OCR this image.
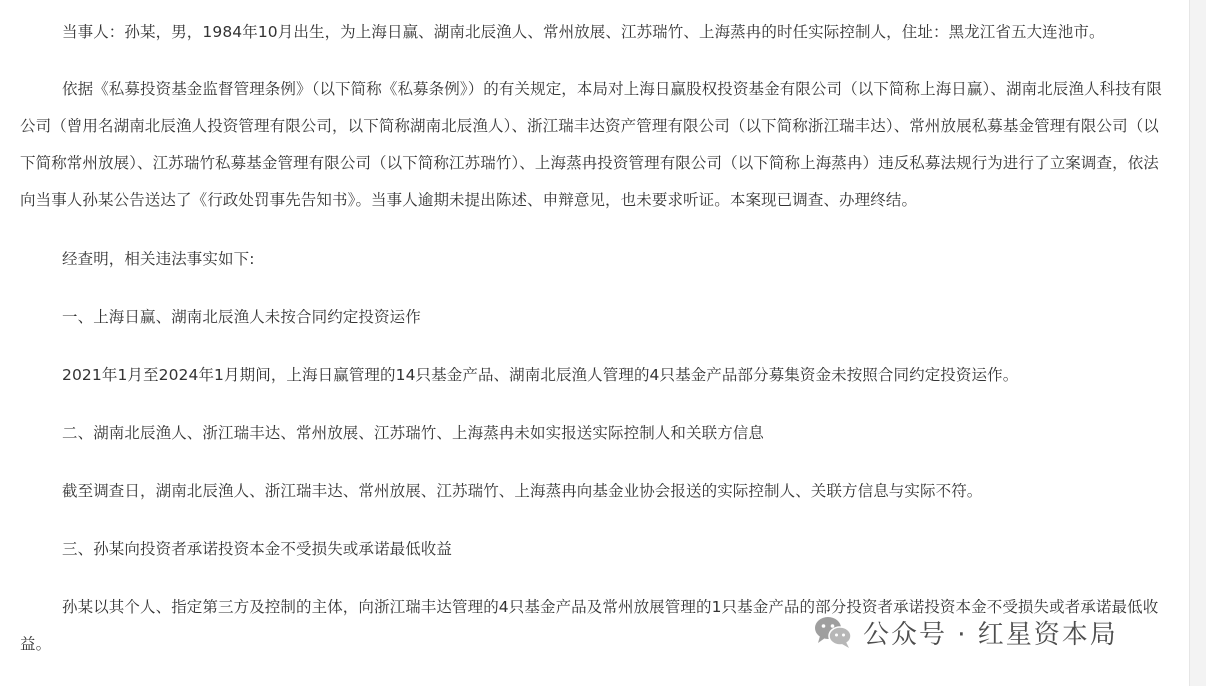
当事人：孙某，男，1984年10月出生，为上海日赢、湖南北辰渔人、常州放展、江苏瑞竹、上海蒸冉的时任实际控制人，住址：黑龙江省五大连池市。

依据《私募投资基金监督管理条例》（以下简称《私募条例》）的有关规定，本局对上海日赢股权投资基金有限公司（以下简称上海日赢）、湖南北辰渔人科技有限公司（曾用名湖南北辰渔人投资管理有限公司，以下简称湖南北辰渔人）、浙江瑞丰达资产管理有限公司（以下简称浙江瑞丰达）、常州放展私募基金管理有限公司（以下简称常州放展）、江苏瑞竹私募基金管理有限公司（以下简称江苏瑞竹）、上海蒸冉投资管理有限公司（以下简称上海蒸冉）违反私募法规行为进行了立案调查，依法向当事人孙某公告送达了《行政处罚事先告知书》。当事人逾期未提出陈述、申辩意见，也未要求听证。本案现已调查、办理终结。

经查明，相关违法事实如下:

一、上海日赢、湖南北辰渔人未按合同约定投资运作

2021年1月至2024年1月期间，上海日赢管理的14只基金产品、湖南北辰渔人管理的4只基金产品部分募集资金未按照合同约定投资运作。

二、湖南北辰渔人、浙江瑞丰达、常州放展、江苏瑞竹、上海蒸冉未如实报送实际控制人和关联方信息

截至调查日，湖南北辰渔人、浙江瑞丰达、常州放展、江苏瑞竹、上海蒸冉向基金业协会报送的实际控制人、关联方信息与实际不符。

三、孙某向投资者承诺投资本金不受损失或承诺最低收益

孙某以其个人、指定第三方及控制的主体，向浙江瑞丰达管理的4只基金产品及常州放展管理的1只基金产品的部分投资者承诺投资本金不受损失或者承诺最低收益。	公众号 · 红星资本局
